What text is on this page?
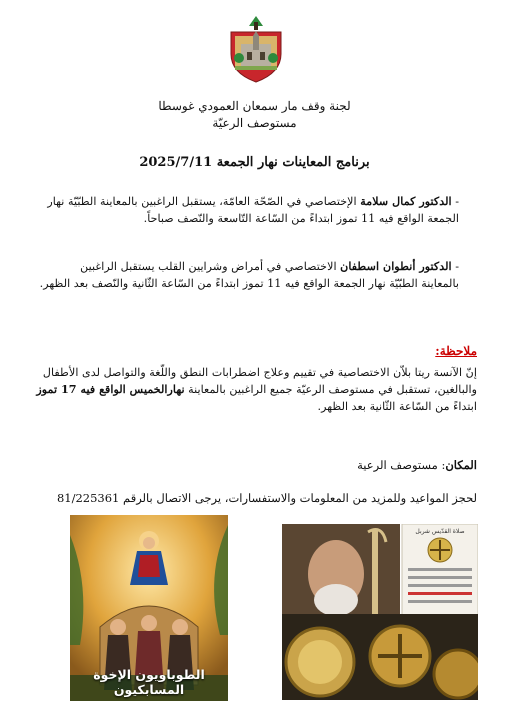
لجنة وقف مار سمعان العمودي غوسطا
مستوصف الرعيّة
برنامج المعاينات نهار الجمعة 2025/7/11
- الدكتور كمال سلامة الإختصاصي في الصّحّة العامّة، يستقبل الراغبين بالمعاينة الطبّيّة نهار الجمعة الواقع فيه 11 تموز ابتداءً من السّاعة التّاسعة والنّصف صباحاً.
- الدكتور أنطوان اسطفان الاختصاصي في أمراض وشرايين القلب يستقبل الراغبين بالمعاينة الطبّيّة نهار الجمعة الواقع فيه 11 تموز ابتداءً من السّاعة الثّانية والنّصف بعد الظهر.
ملاحظة:
إنّ الآنسة ريتا بلاّن الاختصاصية في تقييم وعلاج اضطرابات النطق واللّغة والتواصل لدى الأطفال والبالغين، تستقبل في مستوصف الرعيّة جميع الراغبين بالمعاينة نهارالخميس الواقع فيه 17 تموز ابتداءً من السّاعة الثّانية بعد الظهر.
المكان: مستوصف الرعية
لحجز المواعيد وللمزيد من المعلومات والاستفسارات، يرجى الاتصال بالرقم 81/225361
الطوباويون الإخوة المسابكيون
صلاة القدّيس شربل
